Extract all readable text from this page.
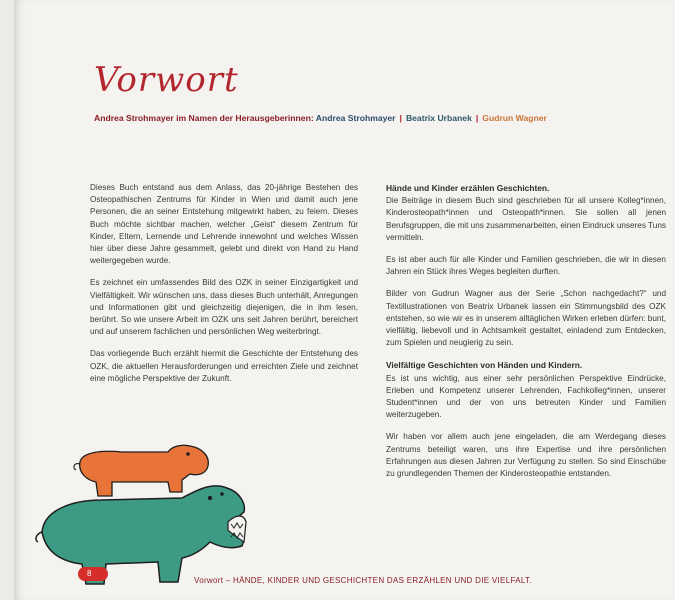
Vorwort
Andrea Strohmayer im Namen der Herausgeberinnen: Andrea Strohmayer | Beatrix Urbanek | Gudrun Wagner

Dieses Buch entstand aus dem Anlass, das 20-jährige Bestehen des Osteopathischen Zentrums für Kinder in Wien und damit auch jene Personen, die an seiner Entstehung mitgewirkt haben, zu feiern. Dieses Buch möchte sichtbar machen, welcher „Geist“ diesem Zentrum für Kinder, Eltern, Lernende und Lehrende innewohnt und welches Wissen hier über diese Jahre gesammelt, gelebt und direkt von Hand zu Hand weitergegeben wurde.

Es zeichnet ein umfassendes Bild des OZK in seiner Einzigartigkeit und Vielfältigkeit. Wir wünschen uns, dass dieses Buch unterhält, Anregungen und Informationen gibt und gleichzeitig diejenigen, die in ihm lesen, berührt. So wie unsere Arbeit im OZK uns seit Jahren berührt, bereichert und auf unserem fachlichen und persönlichen Weg weiterbringt.

Das vorliegende Buch erzählt hiermit die Geschichte der Entstehung des OZK, die aktuellen Herausforderungen und erreichten Ziele und zeichnet eine mögliche Perspektive der Zukunft.

Hände und Kinder erzählen Geschichten.

Die Beiträge in diesem Buch sind geschrieben für all unsere Kolleg*innen, Kinderosteopath*innen und Osteopath*innen. Sie sollen all jenen Berufsgruppen, die mit uns zusammenarbeiten, einen Eindruck unseres Tuns vermitteln.

Es ist aber auch für alle Kinder und Familien geschrieben, die wir in diesen Jahren ein Stück ihres Weges begleiten durften.

Bilder von Gudrun Wagner aus der Serie „Schon nachgedacht?“ und Textillustrationen von Beatrix Urbanek lassen ein Stimmungsbild des OZK entstehen, so wie wir es in unserem alltäglichen Wirken erleben dürfen: bunt, vielfältig, liebevoll und in Achtsamkeit gestaltet, einladend zum Entdecken, zum Spielen und neugierig zu sein.

Vielfältige Geschichten von Händen und Kindern.

Es ist uns wichtig, aus einer sehr persönlichen Perspektive Eindrücke, Erleben und Kompetenz unserer Lehrenden, Fachkolleg*innen, unserer Student*innen und der von uns betreuten Kinder und Familien weiterzugeben.

Wir haben vor allem auch jene eingeladen, die am Werdegang dieses Zentrums beteiligt waren, uns ihre Expertise und ihre persönlichen Erfahrungen aus diesen Jahren zur Verfügung zu stellen. So sind Einschübe zu grundlegenden Themen der Kinderosteopathie entstanden.

8
Vorwort – HÄNDE, KINDER UND GESCHICHTEN DAS ERZÄHLEN UND DIE VIELFALT.
